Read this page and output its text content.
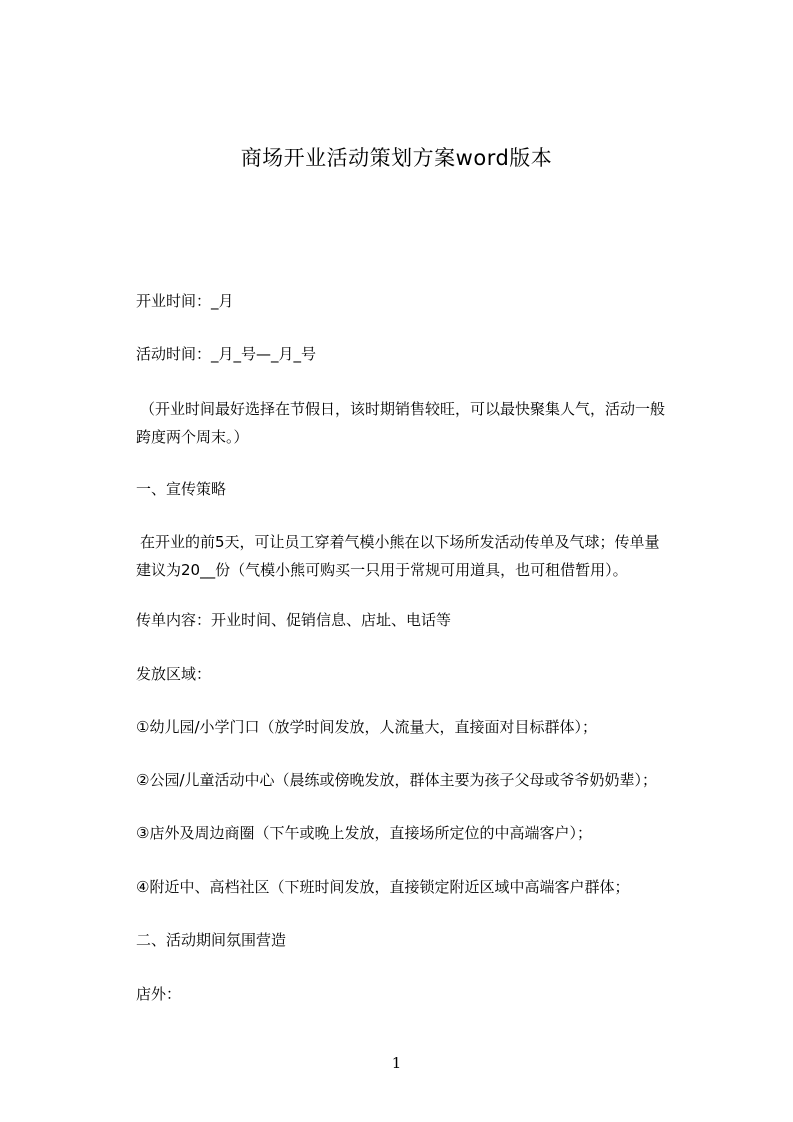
商场开业活动策划方案word版本
开业时间：_月
活动时间：_月_号—_月_号
（开业时间最好选择在节假日，该时期销售较旺，可以最快聚集人气，活动一般
跨度两个周末。）
一、宣传策略
在开业的前5天，可让员工穿着气模小熊在以下场所发活动传单及气球；传单量
建议为20__份（气模小熊可购买一只用于常规可用道具，也可租借暂用）。
传单内容：开业时间、促销信息、店址、电话等
发放区域：
①幼儿园/小学门口（放学时间发放，人流量大，直接面对目标群体）；
②公园/儿童活动中心（晨练或傍晚发放，群体主要为孩子父母或爷爷奶奶辈）；
③店外及周边商圈（下午或晚上发放，直接场所定位的中高端客户）；
④附近中、高档社区（下班时间发放，直接锁定附近区域中高端客户群体；
二、活动期间氛围营造
店外：
1
